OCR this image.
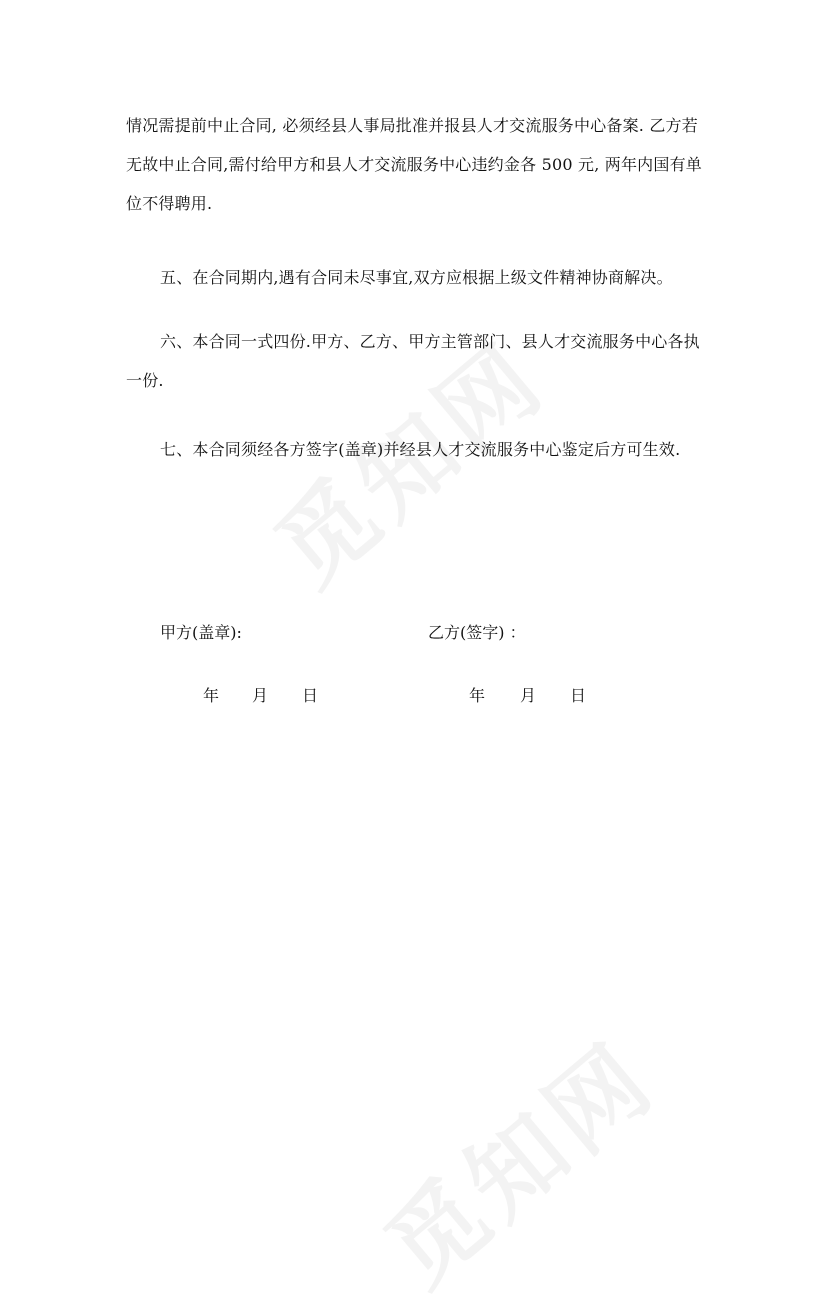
情况需提前中止合同, 必须经县人事局批准并报县人才交流服务中心备案. 乙方若无故中止合同,需付给甲方和县人才交流服务中心违约金各 500 元, 两年内国有单位不得聘用.

五、在合同期内,遇有合同未尽事宜,双方应根据上级文件精神协商解决。

六、本合同一式四份.甲方、乙方、甲方主管部门、县人才交流服务中心各执一份.

七、本合同须经各方签字(盖章)并经县人才交流服务中心鉴定后方可生效.

甲方(盖章):	乙方(签字) ：
年 月 日	年 月 日
